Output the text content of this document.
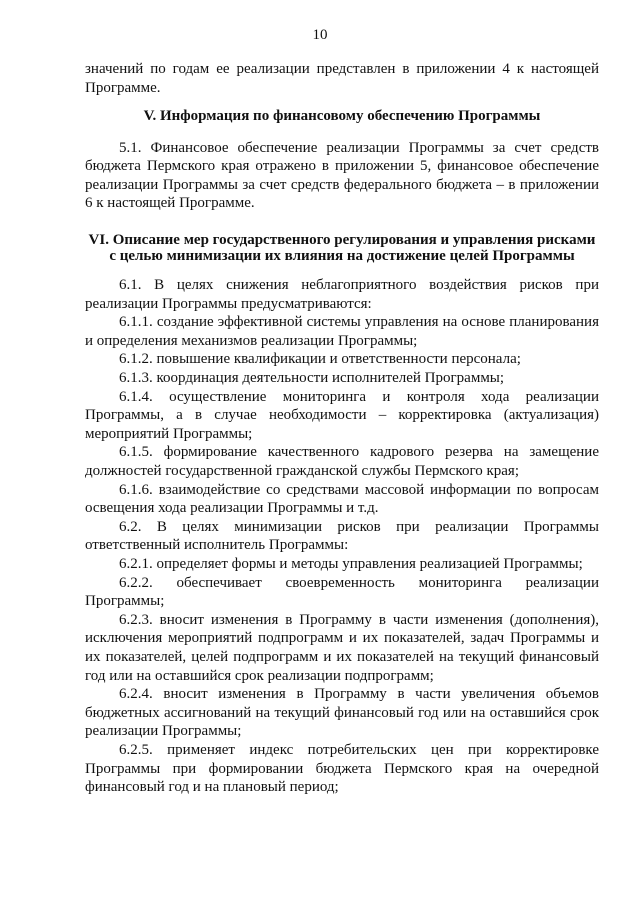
10

значений по годам ее реализации представлен в приложении 4 к настоящей Программе.

V. Информация по финансовому обеспечению Программы

5.1. Финансовое обеспечение реализации Программы за счет средств бюджета Пермского края отражено в приложении 5, финансовое обеспечение реализации Программы за счет средств федерального бюджета – в приложении 6 к настоящей Программе.

VI. Описание мер государственного регулирования и управления рисками

с целью минимизации их влияния на достижение целей Программы

6.1. В целях снижения неблагоприятного воздействия рисков при реализации Программы предусматриваются:

6.1.1. создание эффективной системы управления на основе планирования и определения механизмов реализации Программы;

6.1.2. повышение квалификации и ответственности персонала;

6.1.3. координация деятельности исполнителей Программы;

6.1.4. осуществление мониторинга и контроля хода реализации Программы, а в случае необходимости – корректировка (актуализация) мероприятий Программы;

6.1.5. формирование качественного кадрового резерва на замещение должностей государственной гражданской службы Пермского края;

6.1.6. взаимодействие со средствами массовой информации по вопросам освещения хода реализации Программы и т.д.

6.2. В целях минимизации рисков при реализации Программы ответственный исполнитель Программы:

6.2.1. определяет формы и методы управления реализацией Программы;

6.2.2. обеспечивает своевременность мониторинга реализации Программы;

6.2.3. вносит изменения в Программу в части изменения (дополнения), исключения мероприятий подпрограмм и их показателей, задач Программы и их показателей, целей подпрограмм и их показателей на текущий финансовый год или на оставшийся срок реализации подпрограмм;

6.2.4. вносит изменения в Программу в части увеличения объемов бюджетных ассигнований на текущий финансовый год или на оставшийся срок реализации Программы;

6.2.5. применяет индекс потребительских цен при корректировке Программы при формировании бюджета Пермского края на очередной финансовый год и на плановый период;
